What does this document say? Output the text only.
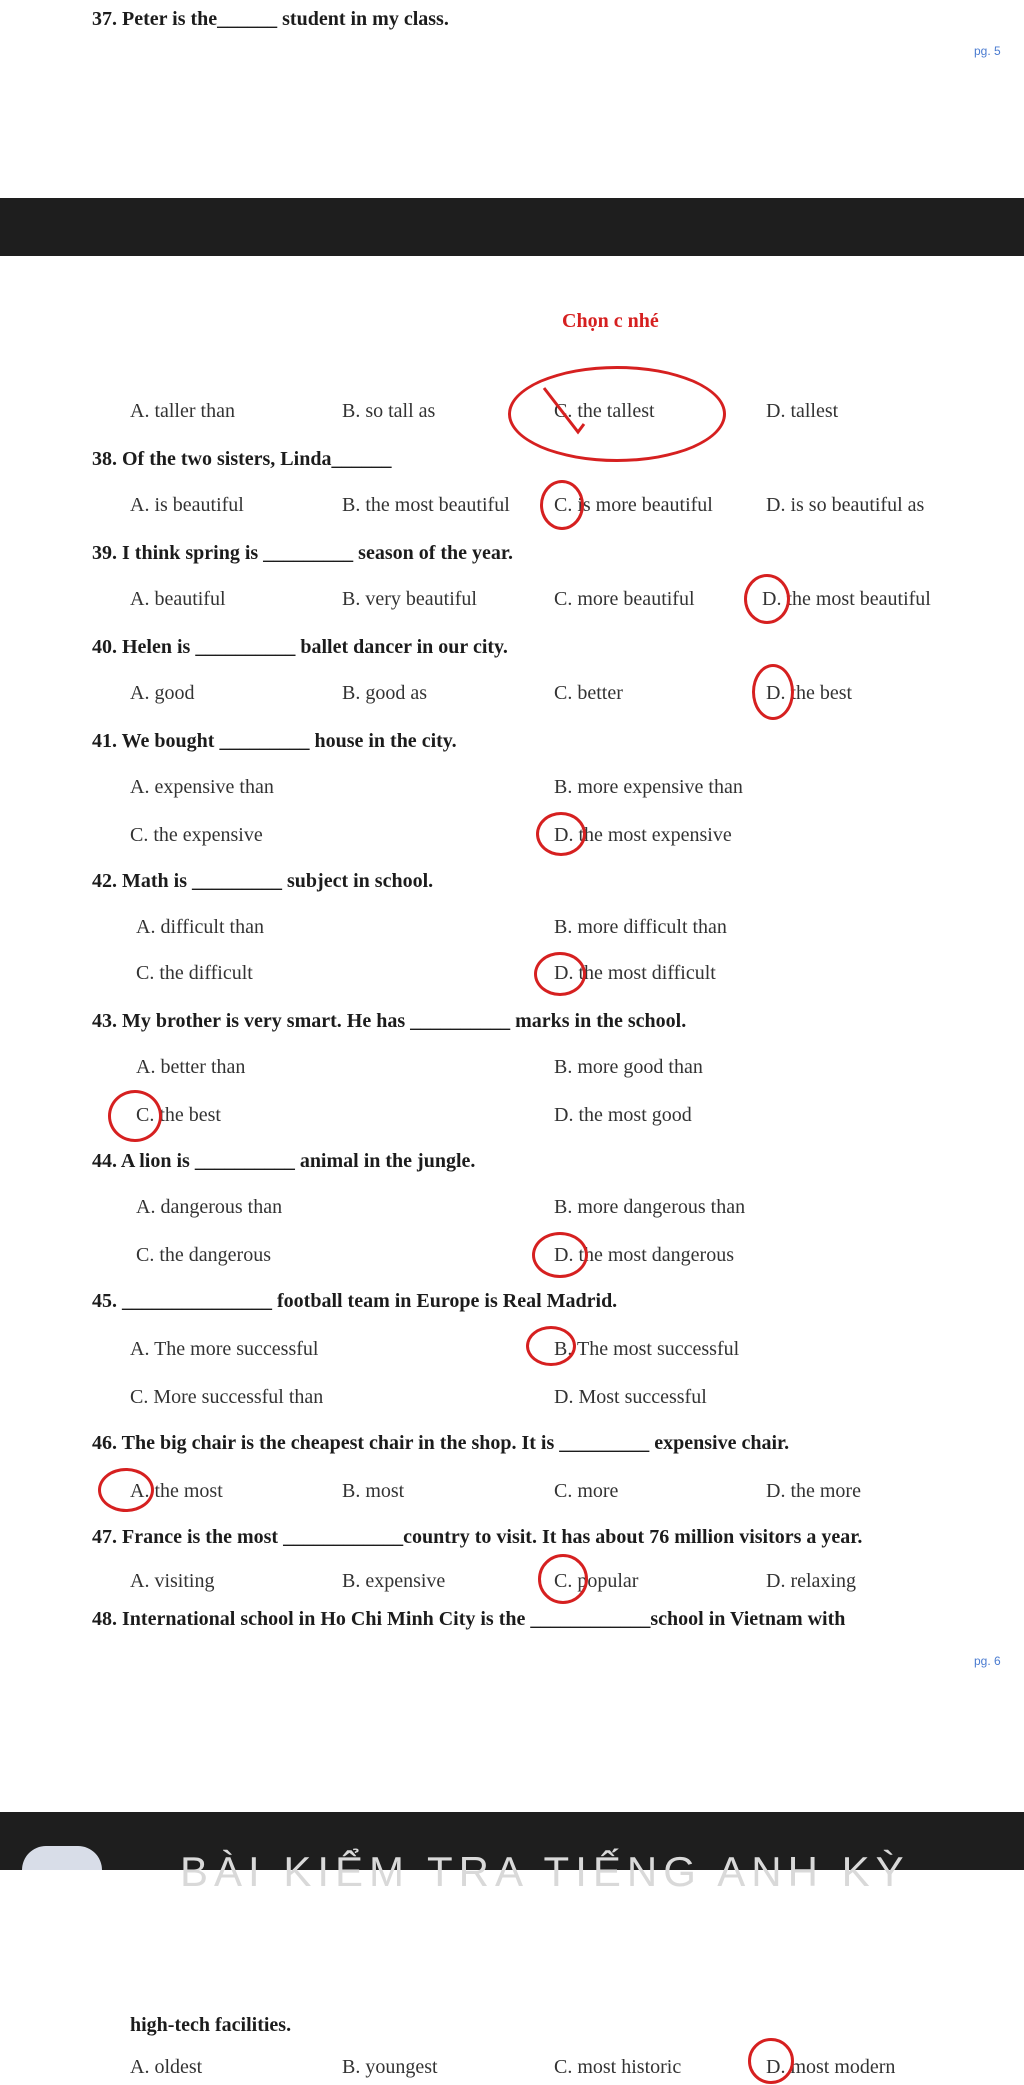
37. Peter is the______ student in my class.
pg. 5
Chọn c nhé
A. taller than	B. so tall as	C. the tallest	D. tallest
38. Of the two sisters, Linda______
A. is beautiful	B. the most beautiful C. is more beautiful	D. is so beautiful as
39. I think spring is _________ season of the year.
A. beautiful	B. very beautiful	C. more beautiful	D. the most beautiful
40. Helen is __________ ballet dancer in our city.
A. good	B. good as	C. better	D. the best
41. We bought _________ house in the city.
A. expensive than	B. more expensive than
C. the expensive	D. the most expensive
42. Math is _________ subject in school.
A. difficult than	B. more difficult than
C. the difficult	D. the most difficult
43. My brother is very smart. He has __________ marks in the school.
A. better than	B. more good than
C. the best	D. the most good
44. A lion is __________ animal in the jungle.
A. dangerous than	B. more dangerous than
C. the dangerous	D. the most dangerous
45. _______________ football team in Europe is Real Madrid.
A. The more successful	B. The most successful
C. More successful than	D. Most successful
46. The big chair is the cheapest chair in the shop. It is _________ expensive chair.
A. the most	B. most	C. more	D. the more
47. France is the most ____________country to visit. It has about 76 million visitors a year.
A. visiting	B. expensive	C. popular	D. relaxing
48. International school in Ho Chi Minh City is the ____________school in Vietnam with
pg. 6
BÀI KIỂM TRA TIẾNG ANH KỲ
high-tech facilities.
A. oldest	B. youngest	C. most historic	D. most modern
